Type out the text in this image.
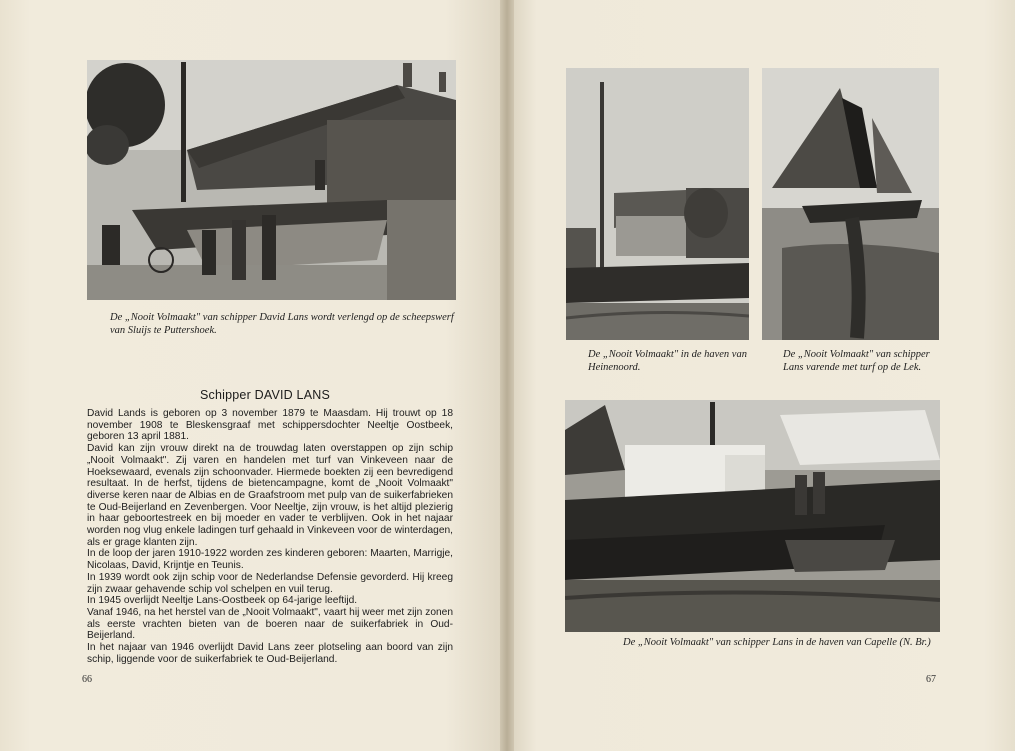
De „Nooit Volmaakt" van schipper David Lans wordt verlengd op de scheepswerf van Sluijs te Puttershoek.
Schipper DAVID LANS

David Lands is geboren op 3 november 1879 te Maasdam. Hij trouwt op 18 november 1908 te Bleskensgraaf met schippersdochter Neeltje Oostbeek, geboren 13 april 1881.

David kan zijn vrouw direkt na de trouwdag laten overstappen op zijn schip „Nooit Volmaakt". Zij varen en handelen met turf van Vinkeveen naar de Hoeksewaard, evenals zijn schoonvader. Hiermede boekten zij een bevredigend resultaat. In de herfst, tijdens de bietencampagne, komt de „Nooit Volmaakt" diverse keren naar de Albias en de Graafstroom met pulp van de suikerfabrieken te Oud-Beijerland en Zevenbergen. Voor Neeltje, zijn vrouw, is het altijd plezierig in haar geboortestreek en bij moeder en vader te verblijven. Ook in het najaar worden nog vlug enkele ladingen turf gehaald in Vinkeveen voor de winterdagen, als er grage klanten zijn.

In de loop der jaren 1910-1922 worden zes kinderen geboren: Maarten, Marrigje, Nicolaas, David, Krijntje en Teunis.

In 1939 wordt ook zijn schip voor de Nederlandse Defensie gevorderd. Hij kreeg zijn zwaar gehavende schip vol schelpen en vuil terug.

In 1945 overlijdt Neeltje Lans-Oostbeek op 64-jarige leeftijd.

Vanaf 1946, na het herstel van de „Nooit Volmaakt", vaart hij weer met zijn zonen als eerste vrachten bieten van de boeren naar de suikerfabriek in Oud-Beijerland.

In het najaar van 1946 overlijdt David Lans zeer plotseling aan boord van zijn schip, liggende voor de suikerfabriek te Oud-Beijerland.

66
De „Nooit Volmaakt" in de haven van Heinenoord.
De „Nooit Volmaakt" van schipper Lans varende met turf op de Lek.
De „Nooit Volmaakt" van schipper Lans in de haven van Capelle (N. Br.)
67
